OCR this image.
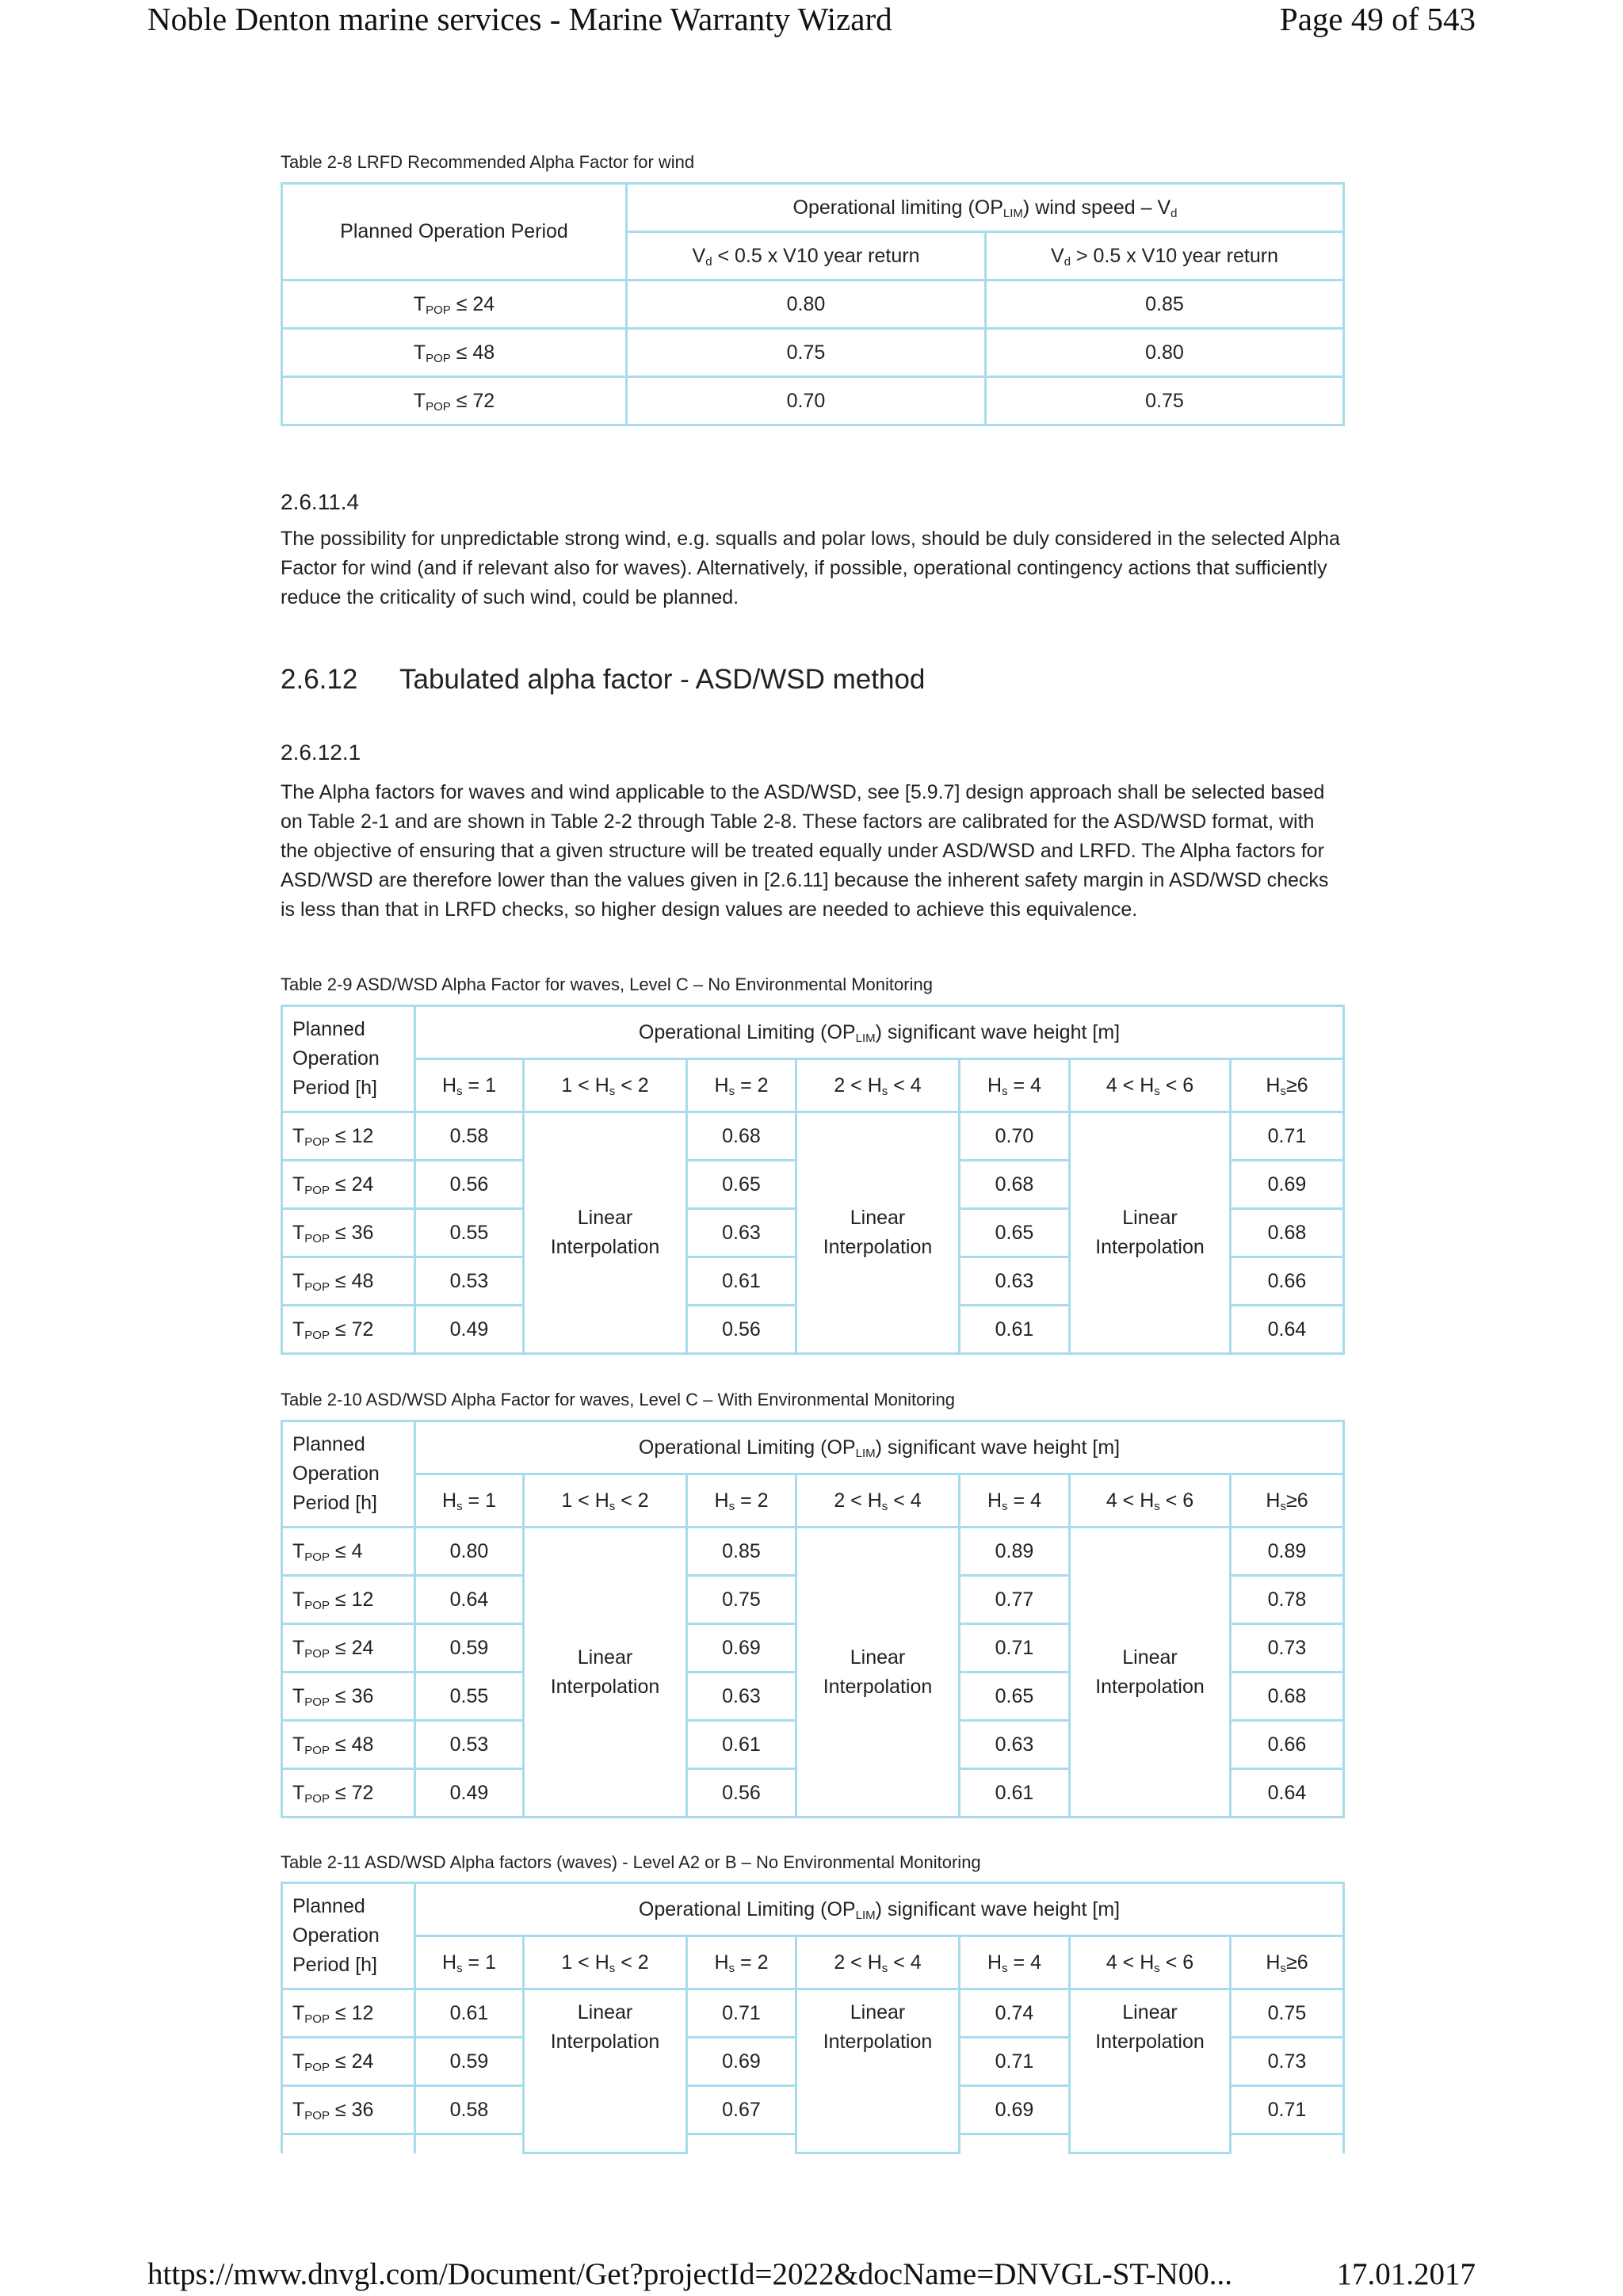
Noble Denton marine services - Marine Warranty Wizard	Page 49 of 543
Table 2-8 LRFD Recommended Alpha Factor for wind
Planned Operation Period	Operational limiting $(OP_{LIM})$ wind speed – $V_d$
	$V_d < 0.5$ x V10 year return	$V_d > 0.5$ x V10 year return
$T_{POP} \le 24$	0.80	0.85
$T_{POP} \le 48$	0.75	0.80
$T_{POP} \le 72$	0.70	0.75
2.6.11.4
The possibility for unpredictable strong wind, e.g. squalls and polar lows, should be duly considered in the selected Alpha Factor for wind (and if relevant also for waves). Alternatively, if possible, operational contingency actions that sufficiently reduce the criticality of such wind, could be planned.
2.6.12 Tabulated alpha factor - ASD/WSD method
2.6.12.1
The Alpha factors for waves and wind applicable to the ASD/WSD, see [5.9.7] design approach shall be selected based on Table 2-1 and are shown in Table 2-2 through Table 2-8. These factors are calibrated for the ASD/WSD format, with the objective of ensuring that a given structure will be treated equally under ASD/WSD and LRFD. The Alpha factors for ASD/WSD are therefore lower than the values given in [2.6.11] because the inherent safety margin in ASD/WSD checks is less than that in LRFD checks, so higher design values are needed to achieve this equivalence.
Table 2-9 ASD/WSD Alpha Factor for waves, Level C – No Environmental Monitoring
Planned Operation Period [h]	Operational Limiting $(OP_{LIM})$ significant wave height [m]						
	$H_s = 1$	$1 < H_s < 2$	$H_s = 2$	$2 < H_s < 4$	$H_s = 4$	$4 < H_s < 6$	$H_s\ge 6$
$T_{POP} \le 12$	0.58	Linear Interpolation	0.68	Linear Interpolation	0.70	Linear Interpolation	0.71
$T_{POP} \le 24$	0.56		0.65		0.68		0.69
$T_{POP} \le 36$	0.55		0.63		0.65		0.68
$T_{POP} \le 48$	0.53		0.61		0.63		0.66
$T_{POP} \le 72$	0.49		0.56		0.61		0.64
Table 2-10 ASD/WSD Alpha Factor for waves, Level C – With Environmental Monitoring
Planned Operation Period [h]	Operational Limiting $(OP_{LIM})$ significant wave height [m]						
	$H_s = 1$	$1 < H_s < 2$	$H_s = 2$	$2 < H_s < 4$	$H_s = 4$	$4 < H_s < 6$	$H_s\ge 6$
$T_{POP} \le 4$	0.80	Linear Interpolation	0.85	Linear Interpolation	0.89	Linear Interpolation	0.89
$T_{POP} \le 12$	0.64		0.75		0.77		0.78
$T_{POP} \le 24$	0.59		0.69		0.71		0.73
$T_{POP} \le 36$	0.55		0.63		0.65		0.68
$T_{POP} \le 48$	0.53		0.61		0.63		0.66
$T_{POP} \le 72$	0.49		0.56		0.61		0.64
Table 2-11 ASD/WSD Alpha factors (waves) - Level A2 or B – No Environmental Monitoring
Planned Operation Period [h]	Operational Limiting $(OP_{LIM})$ significant wave height [m]						
	$H_s = 1$	$1 < H_s < 2$	$H_s = 2$	$2 < H_s < 4$	$H_s = 4$	$4 < H_s < 6$	$H_s\ge 6$
$T_{POP} \le 12$	0.61	Linear Interpolation	0.71	Linear Interpolation	0.74	Linear Interpolation	0.75
$T_{POP} \le 24$	0.59		0.69		0.71		0.73
$T_{POP} \le 36$	0.58		0.67		0.69		0.71

https://mww.dnvgl.com/Document/Get?projectId=2022&docName=DNVGL-ST-N00...	17.01.2017
